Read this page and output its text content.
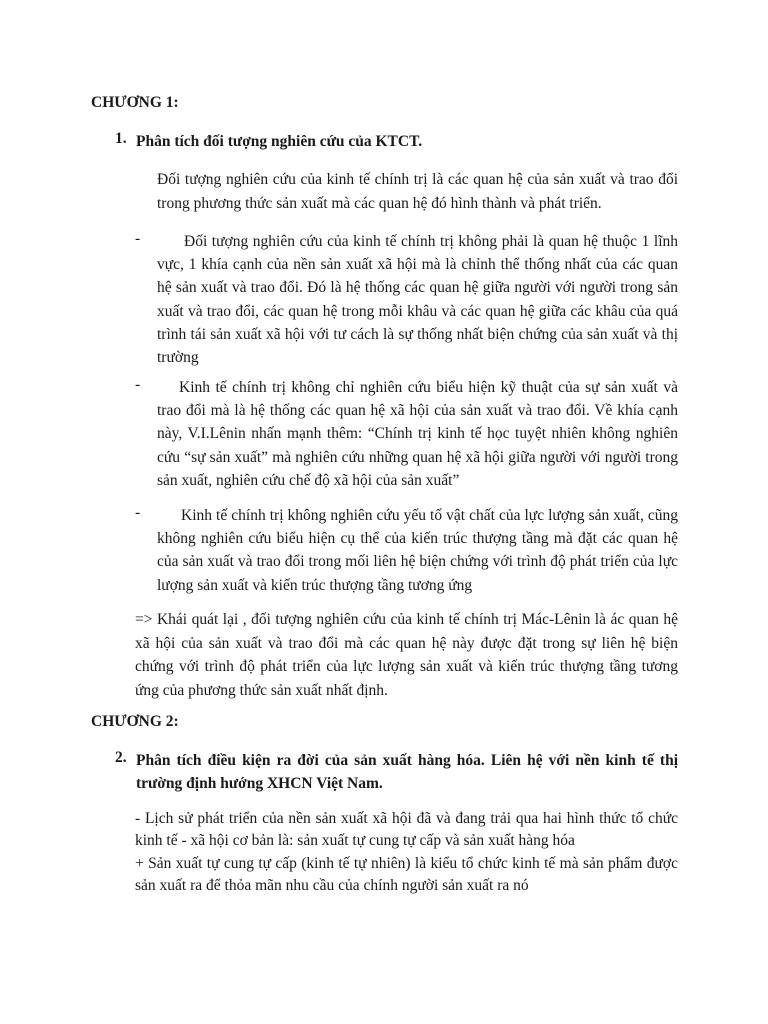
CHƯƠNG 1:

1. Phân tích đối tượng nghiên cứu của KTCT.

Đối tượng nghiên cứu của kinh tế chính trị là các quan hệ của sản xuất và trao đổi trong phương thức sản xuất mà các quan hệ đó hình thành và phát triển.

-	Đối tượng nghiên cứu của kinh tế chính trị không phải là quan hệ thuộc 1 lĩnh vực, 1 khía cạnh của nền sản xuất xã hội mà là chỉnh thể thống nhất của các quan hệ sản xuất và trao đổi. Đó là hệ thống các quan hệ giữa người với người trong sản xuất và trao đổi, các quan hệ trong mỗi khâu và các quan hệ giữa các khâu của quá trình tái sản xuất xã hội với tư cách là sự thống nhất biện chứng của sản xuất và thị trường
-	Kinh tế chính trị không chỉ nghiên cứu biểu hiện kỹ thuật của sự sản xuất và trao đổi mà là hệ thống các quan hệ xã hội của sản xuất và trao đổi. Về khía cạnh này, V.I.Lênin nhấn mạnh thêm: “Chính trị kinh tế học tuyệt nhiên không nghiên cứu “sự sản xuất” mà nghiên cứu những quan hệ xã hội giữa người với người trong sản xuất, nghiên cứu chế độ xã hội của sản xuất”
-	Kinh tế chính trị không nghiên cứu yếu tố vật chất của lực lượng sản xuất, cũng không nghiên cứu biểu hiện cụ thể của kiến trúc thượng tầng mà đặt các quan hệ của sản xuất và trao đổi trong mối liên hệ biện chứng với trình độ phát triển của lực lượng sản xuất và kiến trúc thượng tầng tương ứng

=> Khái quát lại , đối tượng nghiên cứu của kinh tế chính trị Mác-Lênin là ác quan hệ xã hội của sản xuất và trao đổi mà các quan hệ này được đặt trong sự liên hệ biện chứng với trình độ phát triển của lực lượng sản xuất và kiến trúc thượng tầng tương ứng của phương thức sản xuất nhất định.

CHƯƠNG 2:

2. Phân tích điều kiện ra đời của sản xuất hàng hóa. Liên hệ với nền kinh tế thị trường định hướng XHCN Việt Nam.

- Lịch sử phát triển của nền sản xuất xã hội đã và đang trải qua hai hình thức tổ chức kinh tế - xã hội cơ bản là: sản xuất tự cung tự cấp và sản xuất hàng hóa

+ Sản xuất tự cung tự cấp (kinh tế tự nhiên) là kiểu tổ chức kinh tế mà sản phẩm được sản xuất ra để thỏa mãn nhu cầu của chính người sản xuất ra nó
